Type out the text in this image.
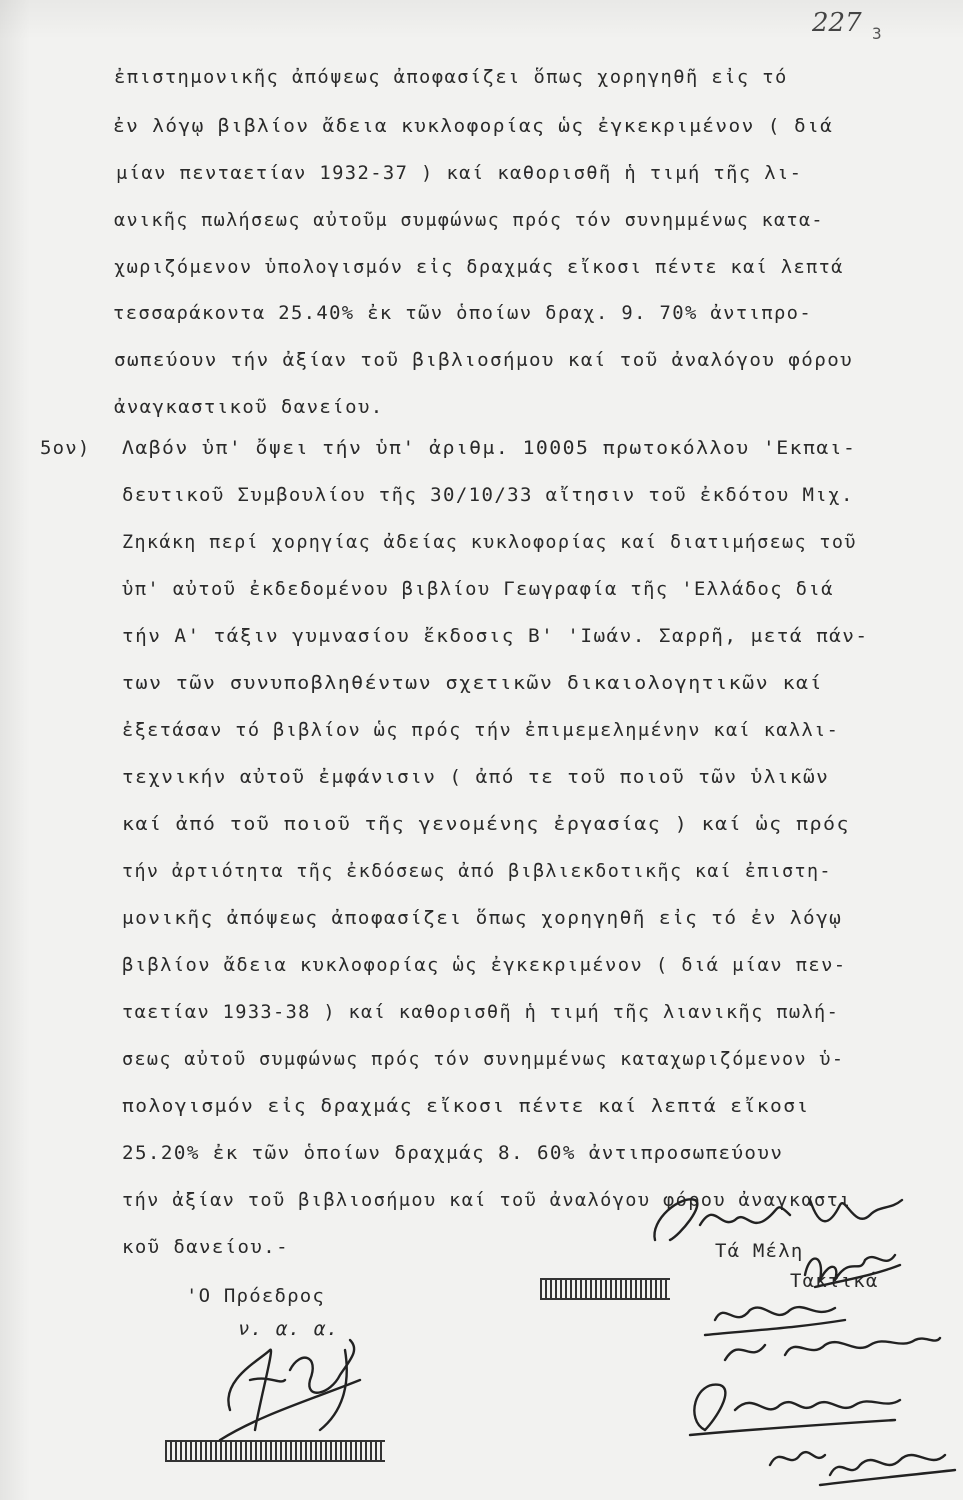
227 3
ἐπιστημονικῆς ἀπόψεως ἀποφασίζει ὅπως χορηγηθῆ εἰς τό
ἐν λόγῳ βιβλίον ἄδεια κυκλοφορίας ὡς ἐγκεκριμένον ( διά
μίαν πενταετίαν 1932-37 ) καί καθορισθῆ ἡ τιμή τῆς λι-
ανικῆς πωλήσεως αὐτοῦμ συμφώνως πρός τόν συνημμένως κατα-
χωριζόμενον ὑπολογισμόν εἰς δραχμάς εἴκοσι πέντε καί λεπτά
τεσσαράκοντα 25.40% ἐκ τῶν ὁποίων δραχ. 9. 70% ἀντιπρο-
σωπεύουν τήν ἀξίαν τοῦ βιβλιοσήμου καί τοῦ ἀναλόγου φόρου
ἀναγκαστικοῦ δανείου.
5ον) Λαβόν ὑπ' ὄψει τήν ὑπ' ἀριθμ. 10005 πρωτοκόλλου 'Εκπαι-
δευτικοῦ Συμβουλίου τῆς 30/10/33 αἴτησιν τοῦ ἐκδότου Μιχ.
Ζηκάκη περί χορηγίας ἀδείας κυκλοφορίας καί διατιμήσεως τοῦ
ὑπ' αὐτοῦ ἐκδεδομένου βιβλίου Γεωγραφία τῆς 'Ελλάδος διά
τήν Α' τάξιν γυμνασίου ἔκδοσις Β' 'Ιωάν. Σαρρῆ, μετά πάν-
των τῶν συνυποβληθέντων σχετικῶν δικαιολογητικῶν καί
ἐξετάσαν τό βιβλίον ὡς πρός τήν ἐπιμεμελημένην καί καλλι-
τεχνικήν αὐτοῦ ἐμφάνισιν ( ἀπό τε τοῦ ποιοῦ τῶν ὑλικῶν
καί ἀπό τοῦ ποιοῦ τῆς γενομένης ἐργασίας ) καί ὡς πρός
τήν ἀρτιότητα τῆς ἐκδόσεως ἀπό βιβλιεκδοτικῆς καί ἐπιστη-
μονικῆς ἀπόψεως ἀποφασίζει ὅπως χορηγηθῆ εἰς τό ἐν λόγῳ
βιβλίον ἄδεια κυκλοφορίας ὡς ἐγκεκριμένον ( διά μίαν πεν-
ταετίαν 1933-38 ) καί καθορισθῆ ἡ τιμή τῆς λιανικῆς πωλή-
σεως αὐτοῦ συμφώνως πρός τόν συνημμένως καταχωριζόμενον ὑ-
πολογισμόν εἰς δραχμάς εἴκοσι πέντε καί λεπτά εἴκοσι
25.20% ἐκ τῶν ὁποίων δραχμάς 8. 60% ἀντιπροσωπεύουν
τήν ἀξίαν τοῦ βιβλιοσήμου καί τοῦ ἀναλόγου φόρου ἀναγκαστι
κοῦ δανείου.-
'Ο Πρόεδρος
ν. α. α.
Τά Μέλη
Τακτικά
